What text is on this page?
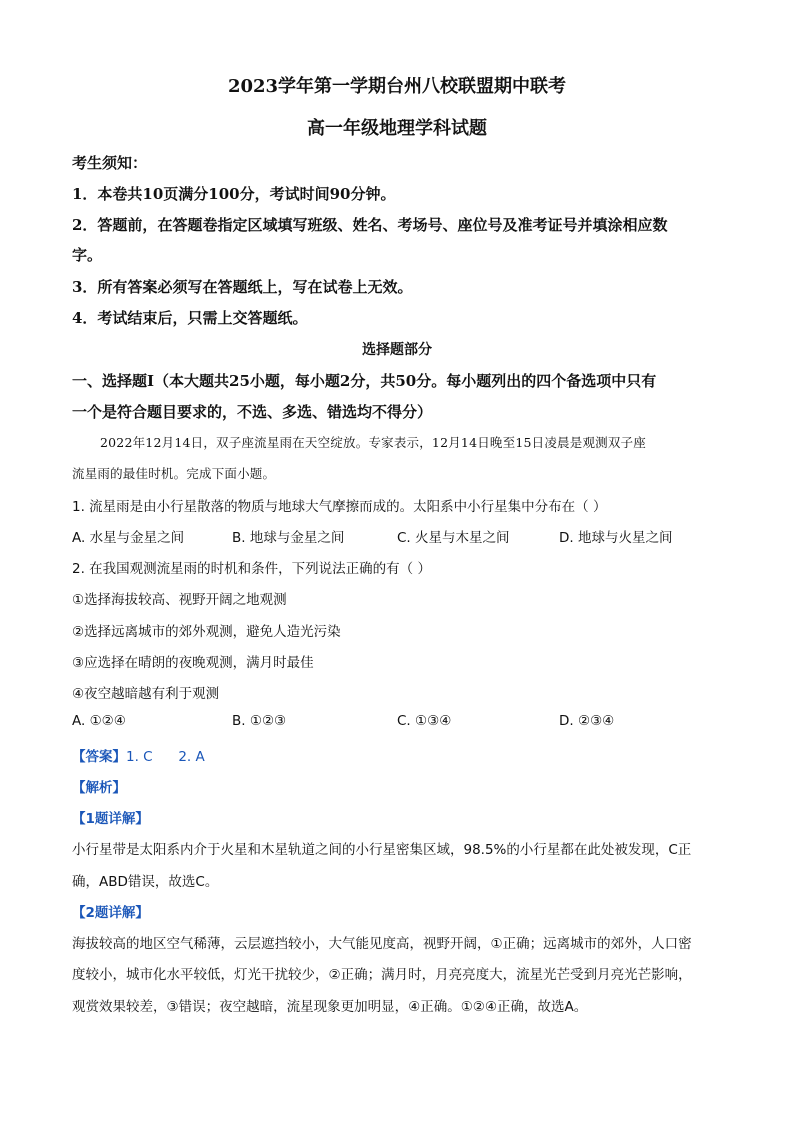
2023学年第一学期台州八校联盟期中联考
高一年级地理学科试题
考生须知：
1．本卷共10页满分100分，考试时间90分钟。
2．答题前，在答题卷指定区域填写班级、姓名、考场号、座位号及准考证号并填涂相应数
字。
3．所有答案必须写在答题纸上，写在试卷上无效。
4．考试结束后，只需上交答题纸。
选择题部分
一、选择题Ⅰ（本大题共25小题，每小题2分，共50分。每小题列出的四个备选项中只有
一个是符合题目要求的，不选、多选、错选均不得分）
2022年12月14日，双子座流星雨在天空绽放。专家表示，12月14日晚至15日凌晨是观测双子座
流星雨的最佳时机。完成下面小题。
1. 流星雨是由小行星散落的物质与地球大气摩擦而成的。太阳系中小行星集中分布在（ ）
A. 水星与金星之间	B. 地球与金星之间	C. 火星与木星之间	D. 地球与火星之间
2. 在我国观测流星雨的时机和条件，下列说法正确的有（ ）
①选择海拔较高、视野开阔之地观测
②选择远离城市的郊外观测，避免人造光污染
③应选择在晴朗的夜晚观测，满月时最佳
④夜空越暗越有利于观测
A. ①②④	B. ①②③	C. ①③④	D. ②③④
【答案】1. C      2. A
【解析】
【1题详解】
小行星带是太阳系内介于火星和木星轨道之间的小行星密集区域，98.5%的小行星都在此处被发现，C正
确，ABD错误，故选C。
【2题详解】
海拔较高的地区空气稀薄，云层遮挡较小，大气能见度高，视野开阔，①正确；远离城市的郊外，人口密
度较小，城市化水平较低，灯光干扰较少，②正确；满月时，月亮亮度大，流星光芒受到月亮光芒影响，
观赏效果较差，③错误；夜空越暗，流星现象更加明显，④正确。①②④正确，故选A。
